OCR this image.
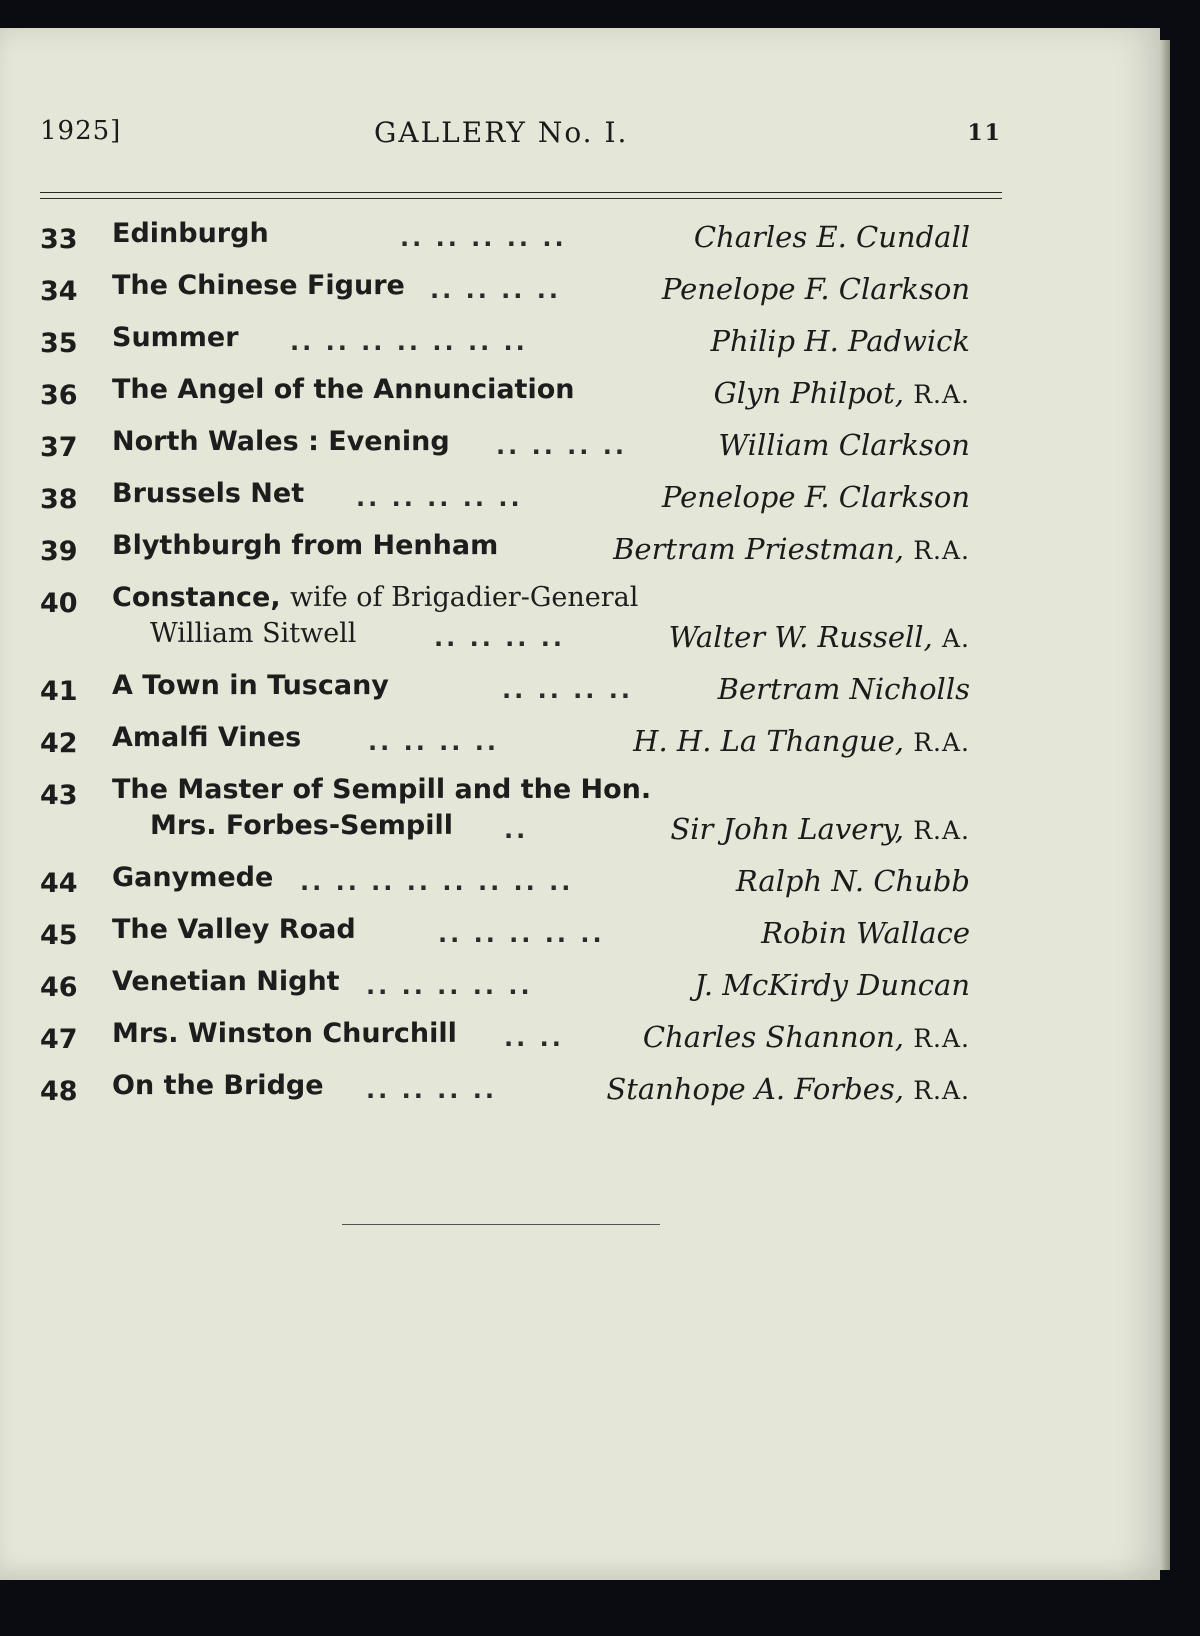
1925]	GALLERY No. I.	11
33	Edinburgh	.. .. .. .. ..	Charles E. Cundall
34	The Chinese Figure .. .. .. ..	Penelope F. Clarkson
35	Summer .. .. .. .. .. .. ..	Philip H. Padwick
36	The Angel of the Annunciation	Glyn Philpot, R.A.
37	North Wales : Evening .. .. .. ..	William Clarkson
38	Brussels Net .. .. .. .. ..	Penelope F. Clarkson
39	Blythburgh from Henham	Bertram Priestman, R.A.
40	Constance, wife of Brigadier-General
William Sitwell	.. .. .. ..	Walter W. Russell, A.
41	A Town in Tuscany	.. .. .. ..	Bertram Nicholls
42	Amalfi Vines	.. .. .. ..	H. H. La Thangue, R.A.
43	The Master of Sempill and the Hon.
Mrs. Forbes-Sempill ..	Sir John Lavery, R.A.
44	Ganymede .. .. .. .. .. .. .. ..	Ralph N. Chubb
45	The Valley Road	.. .. .. .. ..	Robin Wallace
46	Venetian Night .. .. .. .. ..	J. McKirdy Duncan
47	Mrs. Winston Churchill .. ..	Charles Shannon, R.A.
48	On the Bridge .. .. .. ..	Stanhope A. Forbes, R.A.
